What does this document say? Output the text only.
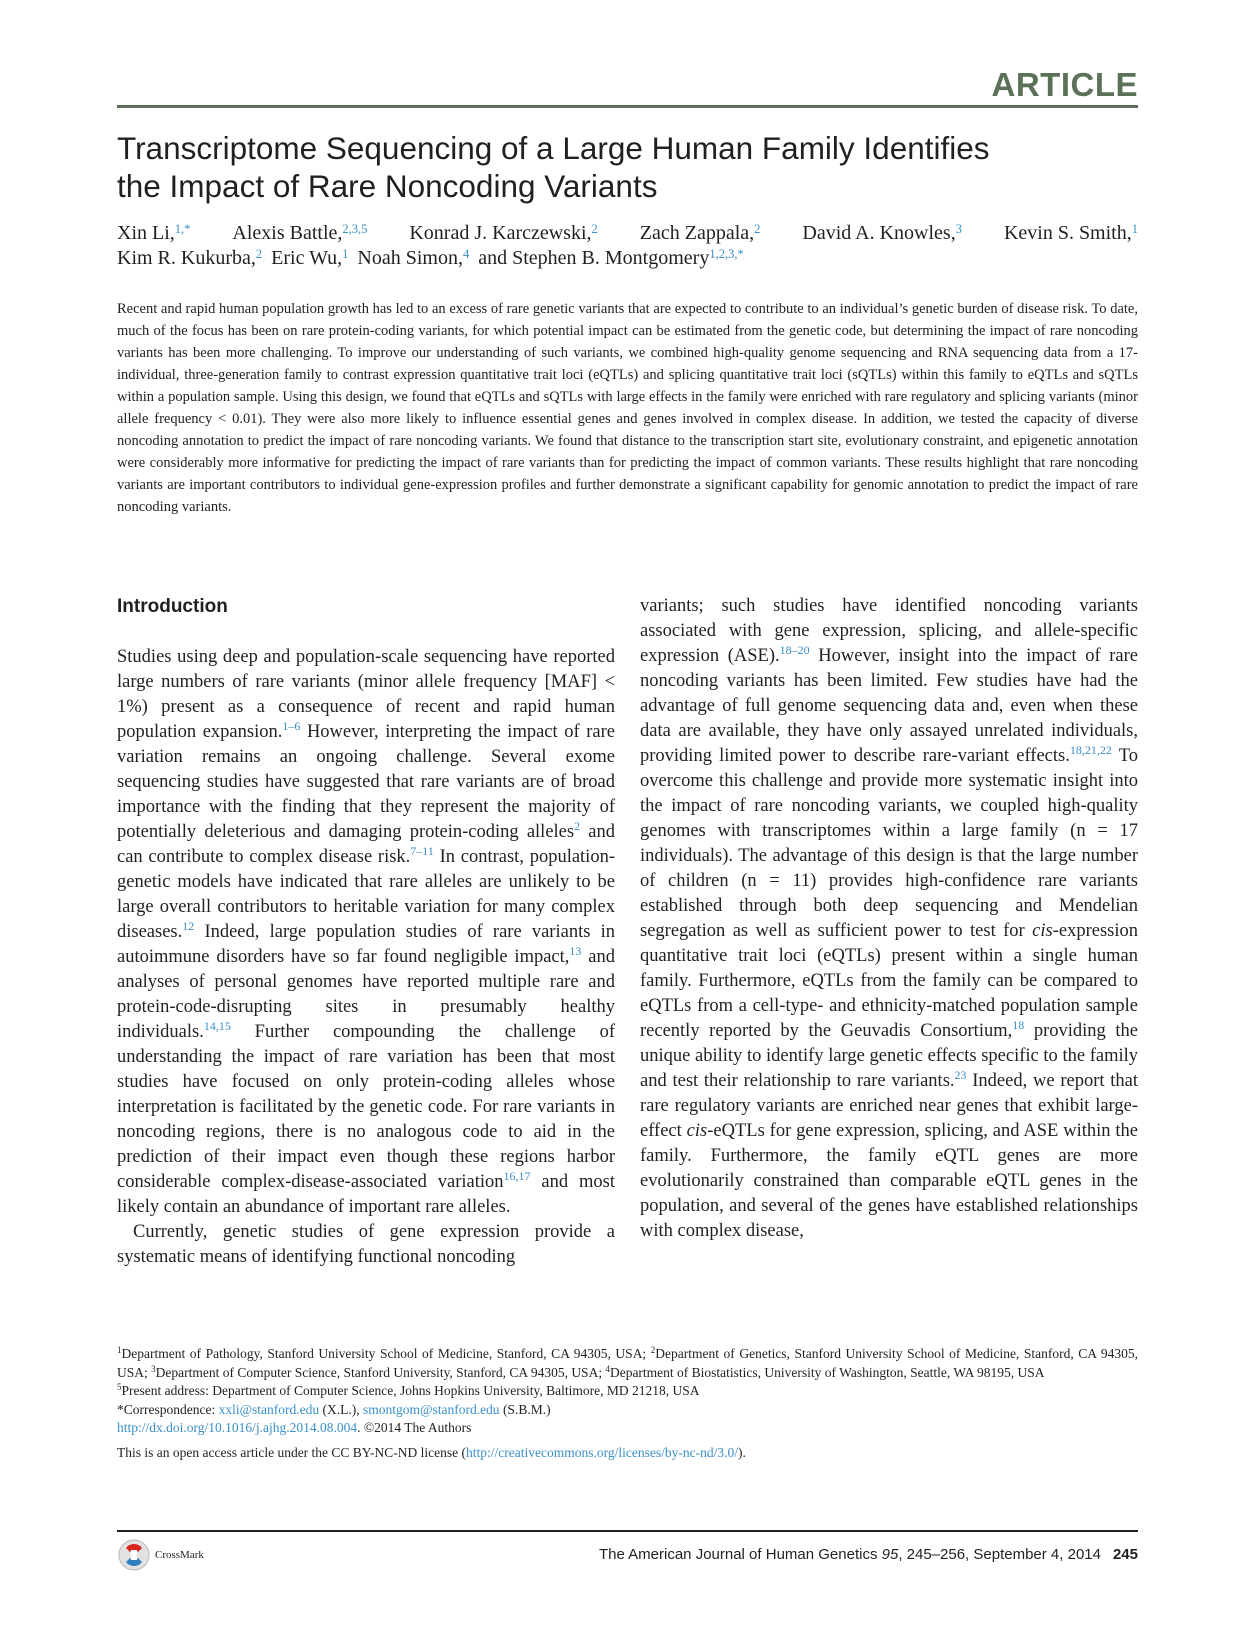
ARTICLE
Transcriptome Sequencing of a Large Human Family Identifies the Impact of Rare Noncoding Variants
Xin Li,$^{1,*}$ Alexis Battle,$^{2,3,5}$ Konrad J. Karczewski,$^2$ Zach Zappala,$^2$ David A. Knowles,$^3$ Kevin S. Smith,$^1$
Kim R. Kukurba,$^2$ Eric Wu,$^1$ Noah Simon,$^4$ and Stephen B. Montgomery$^{1,2,3,*}$

Recent and rapid human population growth has led to an excess of rare genetic variants that are expected to contribute to an individual’s genetic burden of disease risk. To date, much of the focus has been on rare protein-coding variants, for which potential impact can be estimated from the genetic code, but determining the impact of rare noncoding variants has been more challenging. To improve our understanding of such variants, we combined high-quality genome sequencing and RNA sequencing data from a 17-individual, three-generation family to contrast expression quantitative trait loci (eQTLs) and splicing quantitative trait loci (sQTLs) within this family to eQTLs and sQTLs within a population sample. Using this design, we found that eQTLs and sQTLs with large effects in the family were enriched with rare regulatory and splicing variants (minor allele frequency < 0.01). They were also more likely to influence essential genes and genes involved in complex disease. In addition, we tested the capacity of diverse noncoding annotation to predict the impact of rare noncoding variants. We found that distance to the transcription start site, evolutionary constraint, and epigenetic annotation were considerably more informative for predicting the impact of rare variants than for predicting the impact of common variants. These results highlight that rare noncoding variants are important contributors to individual gene-expression profiles and further demonstrate a significant capability for genomic annotation to predict the impact of rare noncoding variants.

Introduction

Studies using deep and population-scale sequencing have reported large numbers of rare variants (minor allele frequency [MAF] < 1%) present as a consequence of recent and rapid human population expansion.$^{1-6}$ However, interpreting the impact of rare variation remains an ongoing challenge. Several exome sequencing studies have suggested that rare variants are of broad importance with the finding that they represent the majority of potentially deleterious and damaging protein-coding alleles$^2$ and can contribute to complex disease risk.$^{7-11}$ In contrast, population-genetic models have indicated that rare alleles are unlikely to be large overall contributors to heritable variation for many complex diseases.$^{12}$ Indeed, large population studies of rare variants in autoimmune disorders have so far found negligible impact,$^{13}$ and analyses of personal genomes have reported multiple rare and protein-code-disrupting sites in presumably healthy individuals.$^{14,15}$ Further compounding the challenge of understanding the impact of rare variation has been that most studies have focused on only protein-coding alleles whose interpretation is facilitated by the genetic code. For rare variants in noncoding regions, there is no analogous code to aid in the prediction of their impact even though these regions harbor considerable complex-disease-associated variation$^{16,17}$ and most likely contain an abundance of important rare alleles.

Currently, genetic studies of gene expression provide a systematic means of identifying functional noncoding

variants; such studies have identified noncoding variants associated with gene expression, splicing, and allele-specific expression (ASE).$^{18-20}$ However, insight into the impact of rare noncoding variants has been limited. Few studies have had the advantage of full genome sequencing data and, even when these data are available, they have only assayed unrelated individuals, providing limited power to describe rare-variant effects.$^{18,21,22}$ To overcome this challenge and provide more systematic insight into the impact of rare noncoding variants, we coupled high-quality genomes with transcriptomes within a large family (n = 17 individuals). The advantage of this design is that the large number of children (n = 11) provides high-confidence rare variants established through both deep sequencing and Mendelian segregation as well as sufficient power to test for cis-expression quantitative trait loci (eQTLs) present within a single human family. Furthermore, eQTLs from the family can be compared to eQTLs from a cell-type- and ethnicity-matched population sample recently reported by the Geuvadis Consortium,$^{18}$ providing the unique ability to identify large genetic effects specific to the family and test their relationship to rare variants.$^{23}$ Indeed, we report that rare regulatory variants are enriched near genes that exhibit large-effect cis-eQTLs for gene expression, splicing, and ASE within the family. Furthermore, the family eQTL genes are more evolutionarily constrained than comparable eQTL genes in the population, and several of the genes have established relationships with complex disease,

$^1$Department of Pathology, Stanford University School of Medicine, Stanford, CA 94305, USA; $^2$Department of Genetics, Stanford University School of Medicine, Stanford, CA 94305, USA; $^3$Department of Computer Science, Stanford University, Stanford, CA 94305, USA; $^4$Department of Biostatistics, University of Washington, Seattle, WA 98195, USA

$^5$Present address: Department of Computer Science, Johns Hopkins University, Baltimore, MD 21218, USA

*Correspondence: xxli@stanford.edu (X.L.), smontgom@stanford.edu (S.B.M.)

http://dx.doi.org/10.1016/j.ajhg.2014.08.004. ©2014 The Authors

This is an open access article under the CC BY-NC-ND license (http://creativecommons.org/licenses/by-nc-nd/3.0/).

CrossMark	The American Journal of Human Genetics 95, 245–256, September 4, 2014 245
